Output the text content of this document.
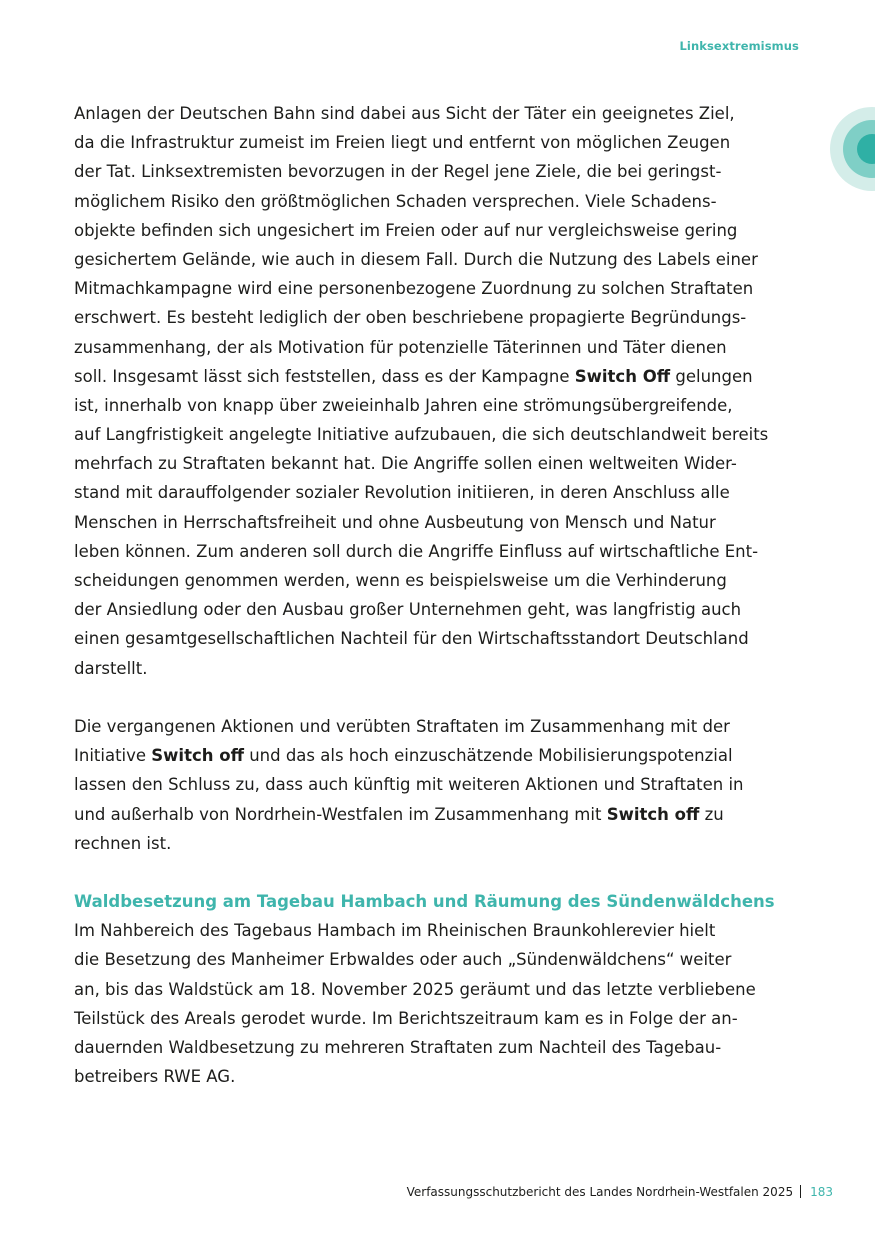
Linksextremismus
Anlagen der Deutschen Bahn sind dabei aus Sicht der Täter ein geeignetes Ziel,
da die Infrastruktur zumeist im Freien liegt und entfernt von möglichen Zeugen
der Tat. Linksextremisten bevorzugen in der Regel jene Ziele, die bei geringst-
möglichem Risiko den größtmöglichen Schaden versprechen. Viele Schadens-
objekte befinden sich ungesichert im Freien oder auf nur vergleichsweise gering
gesichertem Gelände, wie auch in diesem Fall. Durch die Nutzung des Labels einer
Mitmachkampagne wird eine personenbezogene Zuordnung zu solchen Straftaten
erschwert. Es besteht lediglich der oben beschriebene propagierte Begründungs-
zusammenhang, der als Motivation für potenzielle Täterinnen und Täter dienen
soll. Insgesamt lässt sich feststellen, dass es der Kampagne Switch Off gelungen
ist, innerhalb von knapp über zweieinhalb Jahren eine strömungsübergreifende,
auf Langfristigkeit angelegte Initiative aufzubauen, die sich deutschlandweit bereits
mehrfach zu Straftaten bekannt hat. Die Angriffe sollen einen weltweiten Wider-
stand mit darauffolgender sozialer Revolution initiieren, in deren Anschluss alle
Menschen in Herrschaftsfreiheit und ohne Ausbeutung von Mensch und Natur
leben können. Zum anderen soll durch die Angriffe Einfluss auf wirtschaftliche Ent-
scheidungen genommen werden, wenn es beispielsweise um die Verhinderung
der Ansiedlung oder den Ausbau großer Unternehmen geht, was langfristig auch
einen gesamtgesellschaftlichen Nachteil für den Wirtschaftsstandort Deutschland
darstellt.
Die vergangenen Aktionen und verübten Straftaten im Zusammenhang mit der
Initiative Switch off und das als hoch einzuschätzende Mobilisierungspotenzial
lassen den Schluss zu, dass auch künftig mit weiteren Aktionen und Straftaten in
und außerhalb von Nordrhein-Westfalen im Zusammenhang mit Switch off zu
rechnen ist.
Waldbesetzung am Tagebau Hambach und Räumung des Sündenwäldchens
Im Nahbereich des Tagebaus Hambach im Rheinischen Braunkohlerevier hielt
die Besetzung des Manheimer Erbwaldes oder auch „Sündenwäldchens“ weiter
an, bis das Waldstück am 18. November 2025 geräumt und das letzte verbliebene
Teilstück des Areals gerodet wurde. Im Berichtszeitraum kam es in Folge der an-
dauernden Waldbesetzung zu mehreren Straftaten zum Nachteil des Tagebau-
betreibers RWE AG.
Verfassungsschutzbericht des Landes Nordrhein-Westfalen 2025 183
